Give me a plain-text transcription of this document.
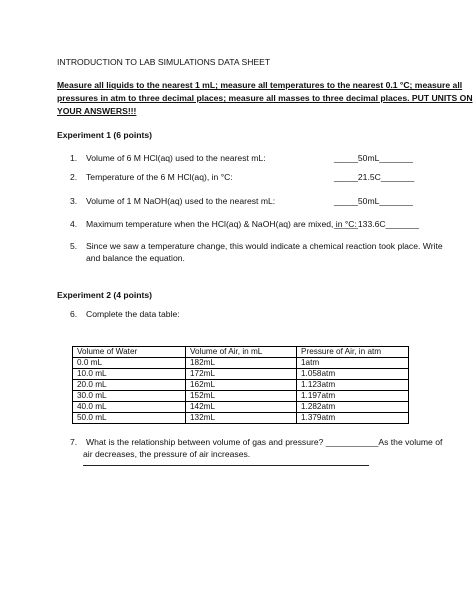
INTRODUCTION TO LAB SIMULATIONS DATA SHEET
Measure all liquids to the nearest 1 mL; measure all temperatures to the nearest 0.1 °C; measure all
pressures in atm to three decimal places; measure all masses to three decimal places. PUT UNITS ON
YOUR ANSWERS!!!
Experiment 1 (6 points)
1. Volume of 6 M HCl(aq) used to the nearest mL:	_____50mL_______
2. Temperature of the 6 M HCl(aq), in °C:	_____21.5C_______
3. Volume of 1 M NaOH(aq) used to the nearest mL:	_____50mL_______
4. Maximum temperature when the HCl(aq) & NaOH(aq) are mixed, in °C:
_____133.6C_______
5. Since we saw a temperature change, this would indicate a chemical reaction took place. Write
and balance the equation.
Experiment 2 (4 points)
6. Complete the data table:
Volume of Water	Volume of Air, in mL	Pressure of Air, in atm
0.0 mL	182mL	1atm
10.0 mL	172mL	1.058atm
20.0 mL	162mL	1.123atm
30.0 mL	152mL	1.197atm
40.0 mL	142mL	1.282atm
50.0 mL	132mL	1.379atm
7. What is the relationship between volume of gas and pressure? ___________As the volume of
air decreases, the pressure of air increases.
